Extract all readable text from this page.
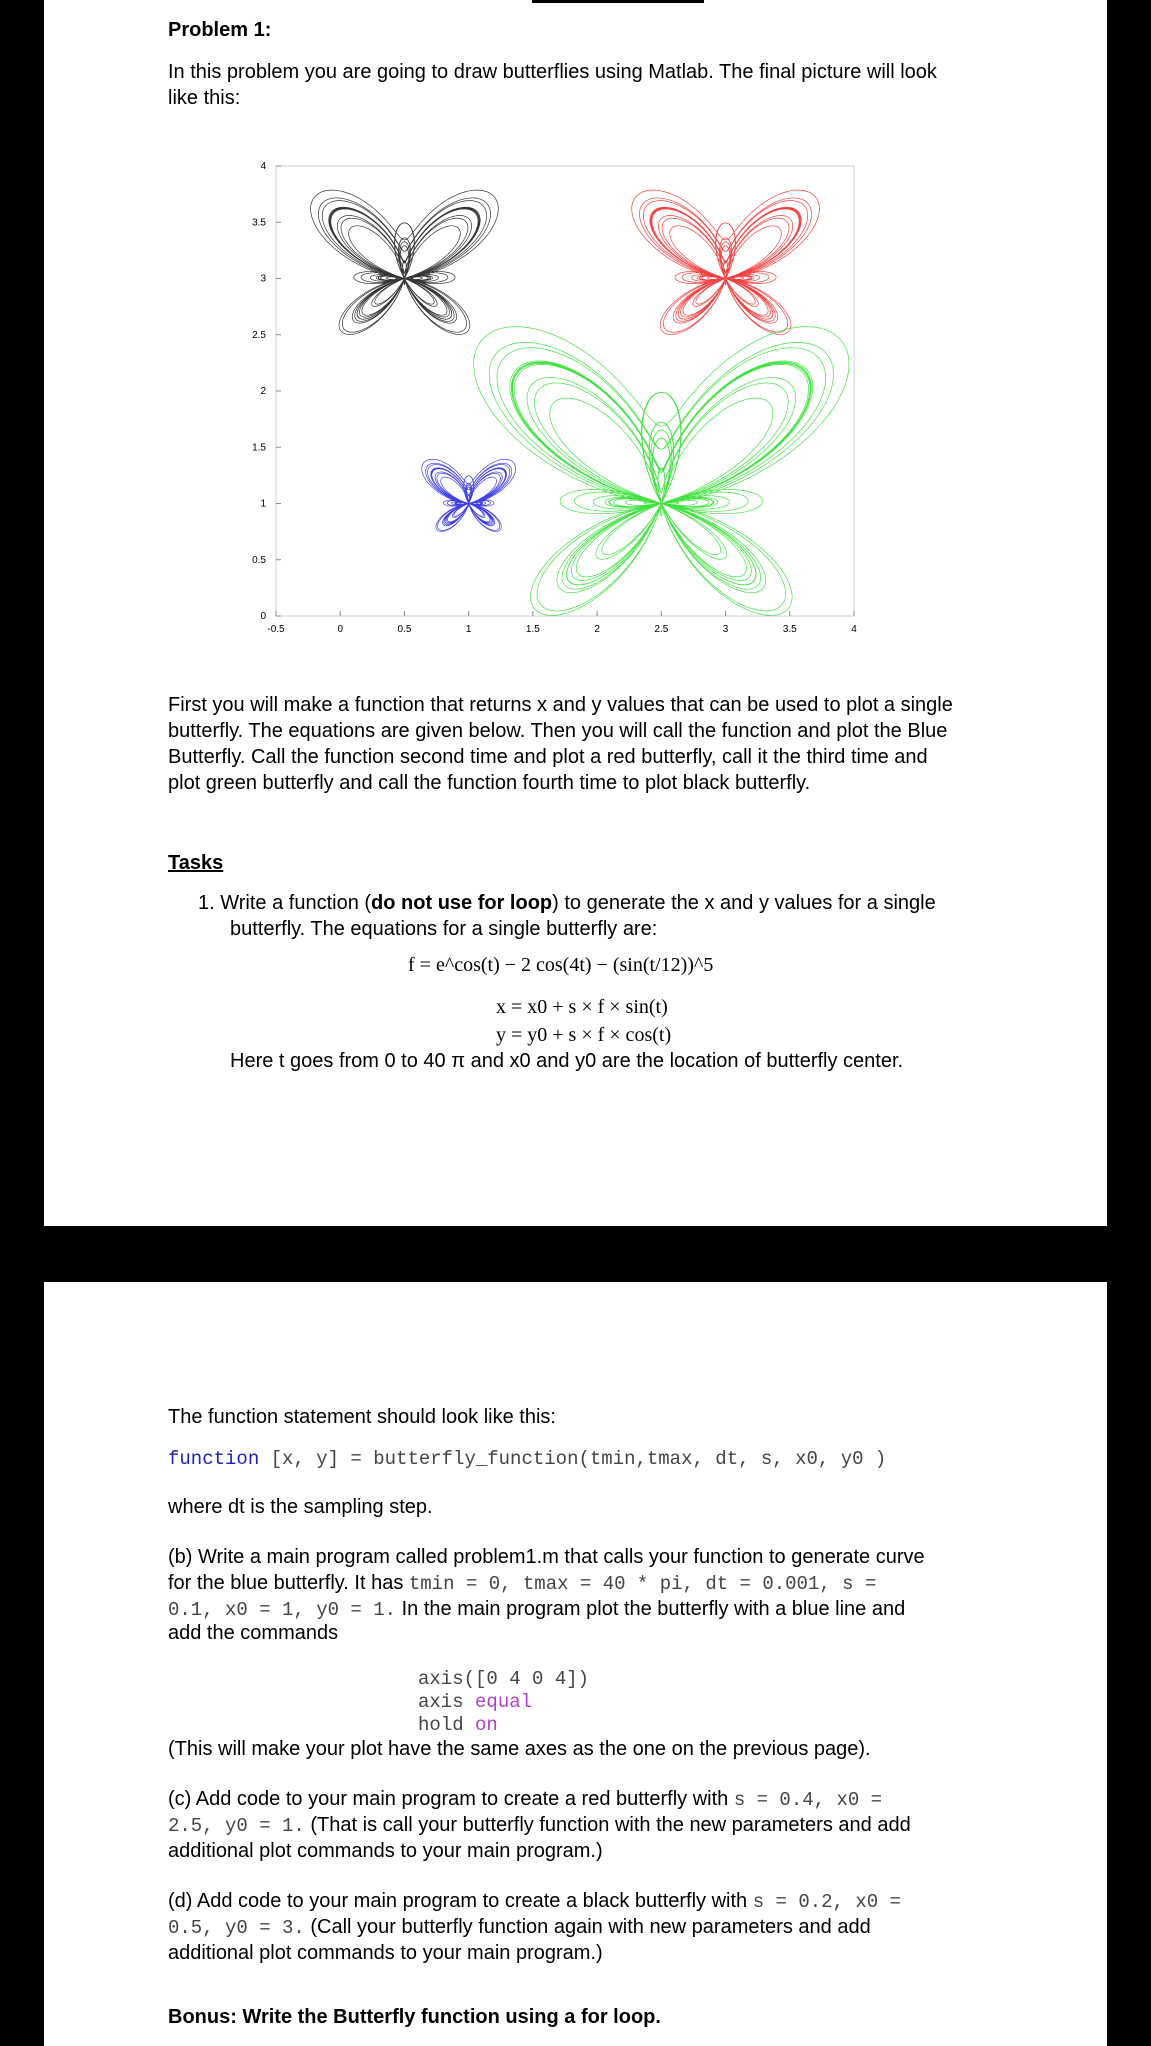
Problem 1:
In this problem you are going to draw butterflies using Matlab. The final picture will look
like this:
-0.5	0	0.5	1	1.5	2	2.5	3	3.5	4
0
0.5
1
1.5
2
2.5
3
3.5
4
First you will make a function that returns x and y values that can be used to plot a single
butterfly. The equations are given below. Then you will call the function and plot the Blue
Butterfly. Call the function second time and plot a red butterfly, call it the third time and
plot green butterfly and call the function fourth time to plot black butterfly.
Tasks
1. Write a function (do not use for loop) to generate the x and y values for a single
butterfly. The equations for a single butterfly are:
f = e^cos(t) − 2 cos(4t) − (sin(t/12))^5
x = x0 + s × f × sin(t)
y = y0 + s × f × cos(t)
Here t goes from 0 to 40 π and x0 and y0 are the location of butterfly center.
The function statement should look like this:
function [x, y] = butterfly_function(tmin,tmax, dt, s, x0, y0 )
where dt is the sampling step.
(b) Write a main program called problem1.m that calls your function to generate curve
for the blue butterfly. It has tmin = 0, tmax = 40 * pi, dt = 0.001, s =
0.1, x0 = 1, y0 = 1. In the main program plot the butterfly with a blue line and
add the commands
axis([0 4 0 4])
axis equal
hold on
(This will make your plot have the same axes as the one on the previous page).
(c) Add code to your main program to create a red butterfly with s = 0.4, x0 =
2.5, y0 = 1. (That is call your butterfly function with the new parameters and add
additional plot commands to your main program.)
(d) Add code to your main program to create a black butterfly with s = 0.2, x0 =
0.5, y0 = 3. (Call your butterfly function again with new parameters and add
additional plot commands to your main program.)
Bonus: Write the Butterfly function using a for loop.
